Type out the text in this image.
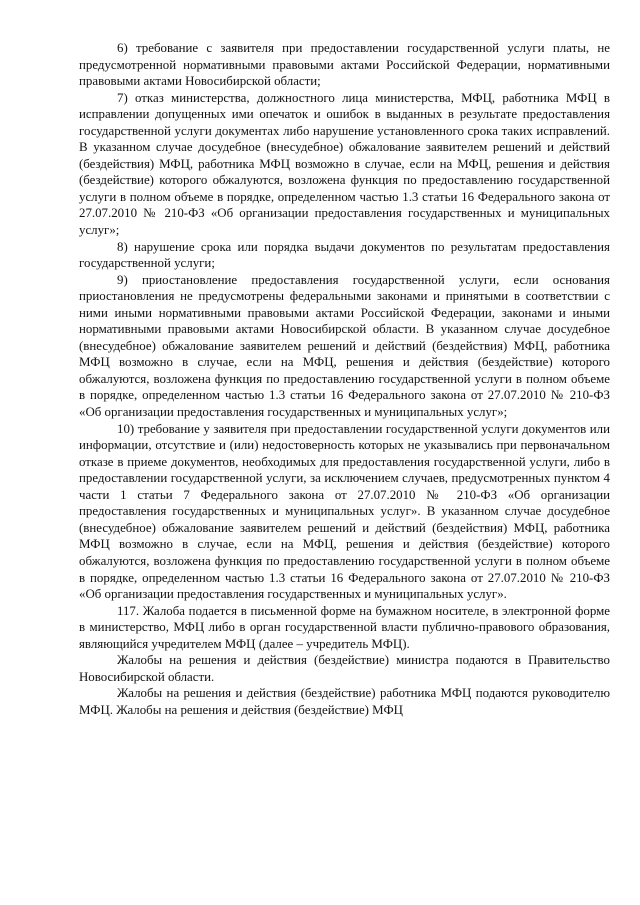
6) требование с заявителя при предоставлении государственной услуги платы, не предусмотренной нормативными правовыми актами Российской Федерации, нормативными правовыми актами Новосибирской области;

7) отказ министерства, должностного лица министерства, МФЦ, работника МФЦ в исправлении допущенных ими опечаток и ошибок в выданных в результате предоставления государственной услуги документах либо нарушение установленного срока таких исправлений. В указанном случае досудебное (внесудебное) обжалование заявителем решений и действий (бездействия) МФЦ, работника МФЦ возможно в случае, если на МФЦ, решения и действия (бездействие) которого обжалуются, возложена функция по предоставлению государственной услуги в полном объеме в порядке, определенном частью 1.3 статьи 16 Федерального закона от 27.07.2010 № 210-ФЗ «Об организации предоставления государственных и муниципальных услуг»;

8) нарушение срока или порядка выдачи документов по результатам предоставления государственной услуги;

9) приостановление предоставления государственной услуги, если основания приостановления не предусмотрены федеральными законами и принятыми в соответствии с ними иными нормативными правовыми актами Российской Федерации, законами и иными нормативными правовыми актами Новосибирской области. В указанном случае досудебное (внесудебное) обжалование заявителем решений и действий (бездействия) МФЦ, работника МФЦ возможно в случае, если на МФЦ, решения и действия (бездействие) которого обжалуются, возложена функция по предоставлению государственной услуги в полном объеме в порядке, определенном частью 1.3 статьи 16 Федерального закона от 27.07.2010 № 210-ФЗ «Об организации предоставления государственных и муниципальных услуг»;

10) требование у заявителя при предоставлении государственной услуги документов или информации, отсутствие и (или) недостоверность которых не указывались при первоначальном отказе в приеме документов, необходимых для предоставления государственной услуги, либо в предоставлении государственной услуги, за исключением случаев, предусмотренных пунктом 4 части 1 статьи 7 Федерального закона от 27.07.2010 № 210-ФЗ «Об организации предоставления государственных и муниципальных услуг». В указанном случае досудебное (внесудебное) обжалование заявителем решений и действий (бездействия) МФЦ, работника МФЦ возможно в случае, если на МФЦ, решения и действия (бездействие) которого обжалуются, возложена функция по предоставлению государственной услуги в полном объеме в порядке, определенном частью 1.3 статьи 16 Федерального закона от 27.07.2010 № 210-ФЗ «Об организации предоставления государственных и муниципальных услуг».

117. Жалоба подается в письменной форме на бумажном носителе, в электронной форме в министерство, МФЦ либо в орган государственной власти публично-правового образования, являющийся учредителем МФЦ (далее – учредитель МФЦ).

Жалобы на решения и действия (бездействие) министра подаются в Правительство Новосибирской области.

Жалобы на решения и действия (бездействие) работника МФЦ подаются руководителю МФЦ. Жалобы на решения и действия (бездействие) МФЦ
